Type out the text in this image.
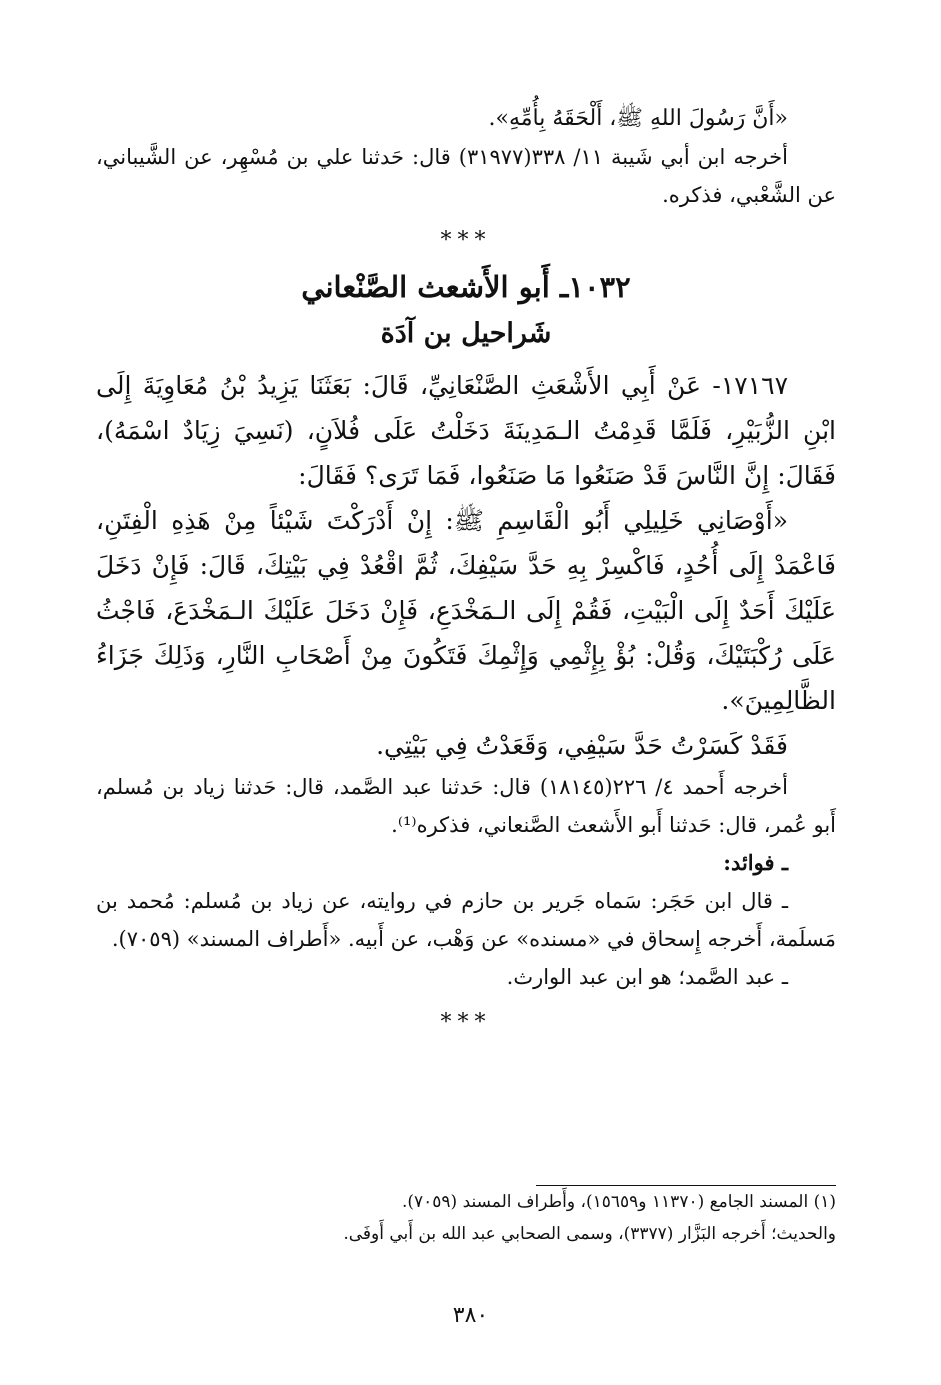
«أَنَّ رَسُولَ اللهِ ﷺ، أَلْحَقَهُ بِأُمِّهِ».

أخرجه ابن أبي شَيبة ١١/ ٣٣٨(٣١٩٧٧) قال: حَدثنا علي بن مُسْهِر، عن الشَّيباني، عن الشَّعْبي، فذكره.

***
١٠٣٢ـ أَبو الأَشعث الصَّنْعاني
شَراحيل بن آدَة

١٧١٦٧- عَنْ أَبِي الأَشْعَثِ الصَّنْعَانِيِّ، قَالَ: بَعَثَنَا يَزِيدُ بْنُ مُعَاوِيَةَ إِلَى ابْنِ الزُّبَيْرِ، فَلَمَّا قَدِمْتُ الـمَدِينَةَ دَخَلْتُ عَلَى فُلاَنٍ، (نَسِيَ زِيَادٌ اسْمَهُ)، فَقَالَ: إِنَّ النَّاسَ قَدْ صَنَعُوا مَا صَنَعُوا، فَمَا تَرَى؟ فَقَالَ:

«أَوْصَانِي خَلِيلِي أَبُو الْقَاسِمِ ﷺ: إِنْ أَدْرَكْتَ شَيْئاً مِنْ هَذِهِ الْفِتَنِ، فَاعْمَدْ إِلَى أُحُدٍ، فَاكْسِرْ بِهِ حَدَّ سَيْفِكَ، ثُمَّ اقْعُدْ فِي بَيْتِكَ، قَالَ: فَإِنْ دَخَلَ عَلَيْكَ أَحَدٌ إِلَى الْبَيْتِ، فَقُمْ إِلَى الـمَخْدَعِ، فَإِنْ دَخَلَ عَلَيْكَ الـمَخْدَعَ، فَاجْثُ عَلَى رُكْبَتَيْكَ، وَقُلْ: بُؤْ بِإِثْمِي وَإِثْمِكَ فَتَكُونَ مِنْ أَصْحَابِ النَّارِ، وَذَلِكَ جَزَاءُ الظَّالِمِينَ».

فَقَدْ كَسَرْتُ حَدَّ سَيْفِي، وَقَعَدْتُ فِي بَيْتِي.

أخرجه أَحمد ٤/ ٢٢٦(١٨١٤٥) قال: حَدثنا عبد الصَّمد، قال: حَدثنا زياد بن مُسلم، أَبو عُمر، قال: حَدثنا أَبو الأَشعث الصَّنعاني، فذكره⁽¹⁾.

ـ فوائد:

ـ قال ابن حَجَر: سَماه جَرير بن حازم في روايته، عن زياد بن مُسلم: مُحمد بن مَسلَمة، أَخرجه إِسحاق في «مسنده» عن وَهْب، عن أَبيه. «أَطراف المسند» (٧٠٥٩).

ـ عبد الصَّمد؛ هو ابن عبد الوارث.

***

(١) المسند الجامع (١١٣٧٠ و١٥٦٥٩)، وأَطراف المسند (٧٠٥٩).

والحديث؛ أَخرجه البَزَّار (٣٣٧٧)، وسمى الصحابي عبد الله بن أَبي أَوفَى.

٣٨٠
